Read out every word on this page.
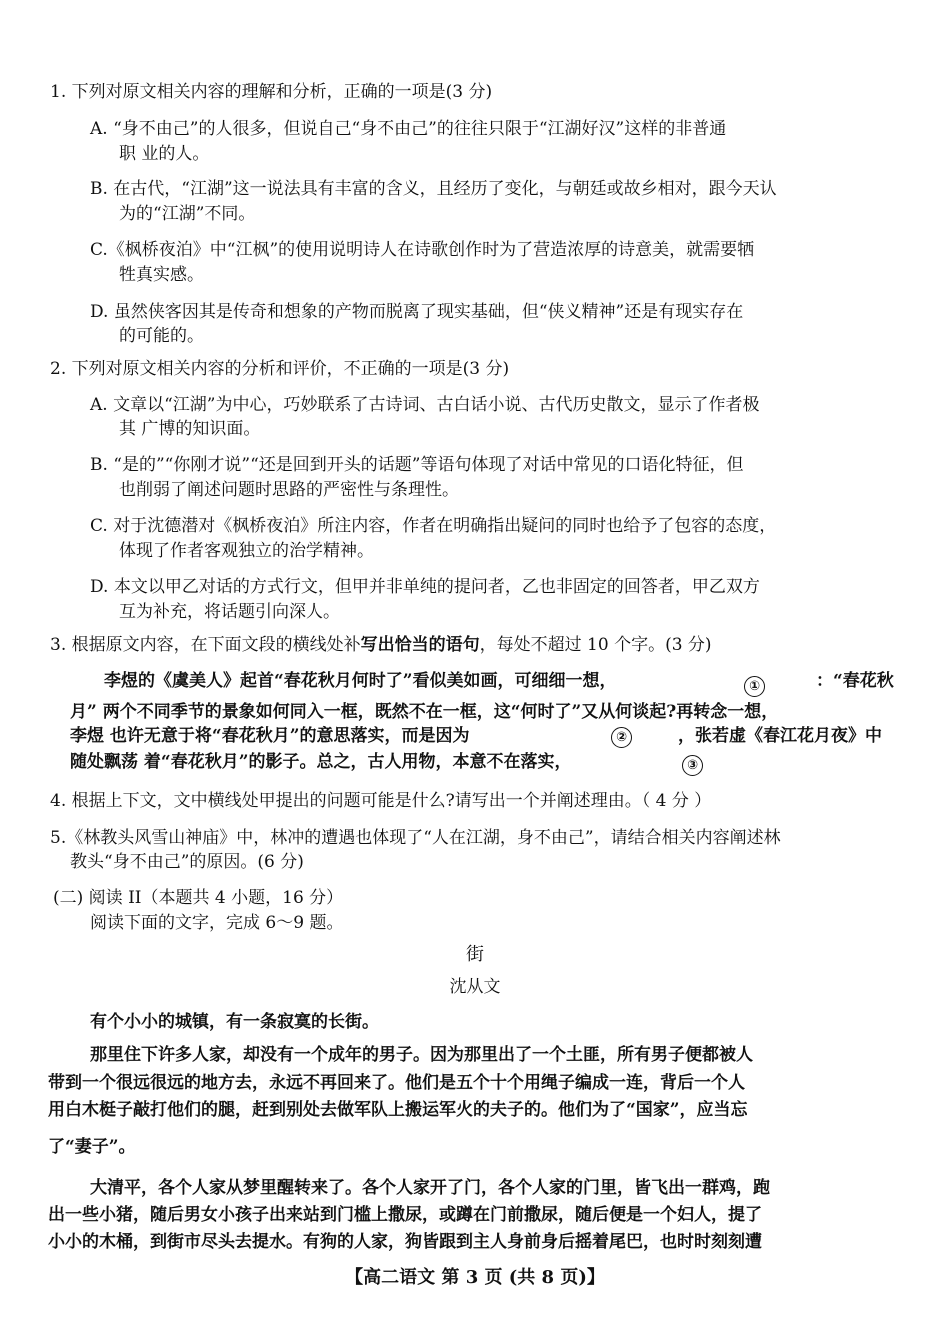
1. 下列对原文相关内容的理解和分析，正确的一项是(3 分)
A. “身不由己”的人很多，但说自己“身不由己”的往往只限于“江湖好汉”这样的非普通
职 业的人。
B. 在古代，“江湖”这一说法具有丰富的含义，且经历了变化，与朝廷或故乡相对，跟今天认
为的“江湖”不同。
C.《枫桥夜泊》中“江枫”的使用说明诗人在诗歌创作时为了营造浓厚的诗意美，就需要牺
牲真实感。
D. 虽然侠客因其是传奇和想象的产物而脱离了现实基础，但“侠义精神”还是有现实存在
的可能的。
2. 下列对原文相关内容的分析和评价，不正确的一项是(3 分)
A. 文章以“江湖”为中心，巧妙联系了古诗词、古白话小说、古代历史散文，显示了作者极
其 广博的知识面。
B. “是的”“你刚才说”“还是回到开头的话题”等语句体现了对话中常见的口语化特征，但
也削弱了阐述问题时思路的严密性与条理性。
C. 对于沈德潜对《枫桥夜泊》所注内容，作者在明确指出疑问的同时也给予了包容的态度，
体现了作者客观独立的治学精神。
D. 本文以甲乙对话的方式行文，但甲并非单纯的提问者，乙也非固定的回答者，甲乙双方
互为补充，将话题引向深人。
3. 根据原文内容，在下面文段的横线处补写出恰当的语句，每处不超过 10 个字。(3 分)
李煜的《虞美人》起首“春花秋月何时了”看似美如画，可细细一想，	①	：“春花秋
月” 两个不同季节的景象如何同入一框，既然不在一框，这“何时了”又从何谈起?再转念一想，
李煜 也许无意于将“春花秋月”的意思落实，而是因为	②	，张若虚《春江花月夜》中
随处飘荡 着“春花秋月”的影子。总之，古人用物，本意不在落实，	③
4. 根据上下文，文中横线处甲提出的问题可能是什么?请写出一个并阐述理由。（ 4 分 ）
5.《林教头风雪山神庙》中，林冲的遭遇也体现了“人在江湖，身不由己”，请结合相关内容阐述林
教头“身不由己”的原因。(6 分)
(二) 阅读 II（本题共 4 小题，16 分）
阅读下面的文字，完成 6～9 题。
街
沈从文
有个小小的城镇，有一条寂寞的长街。
那里住下许多人家，却没有一个成年的男子。因为那里出了一个土匪，所有男子便都被人
带到一个很远很远的地方去，永远不再回来了。他们是五个十个用绳子编成一连，背后一个人
用白木梃子敲打他们的腿，赶到别处去做军队上搬运军火的夫子的。他们为了“国家”，应当忘
了“妻子”。
大清平，各个人家从梦里醒转来了。各个人家开了门，各个人家的门里，皆飞出一群鸡，跑
出一些小猪，随后男女小孩子出来站到门槛上撒尿，或蹲在门前撒尿，随后便是一个妇人，提了
小小的木桶，到街市尽头去提水。有狗的人家，狗皆跟到主人身前身后摇着尾巴，也时时刻刻遭
【高二语文 第 3 页 (共 8 页)】
